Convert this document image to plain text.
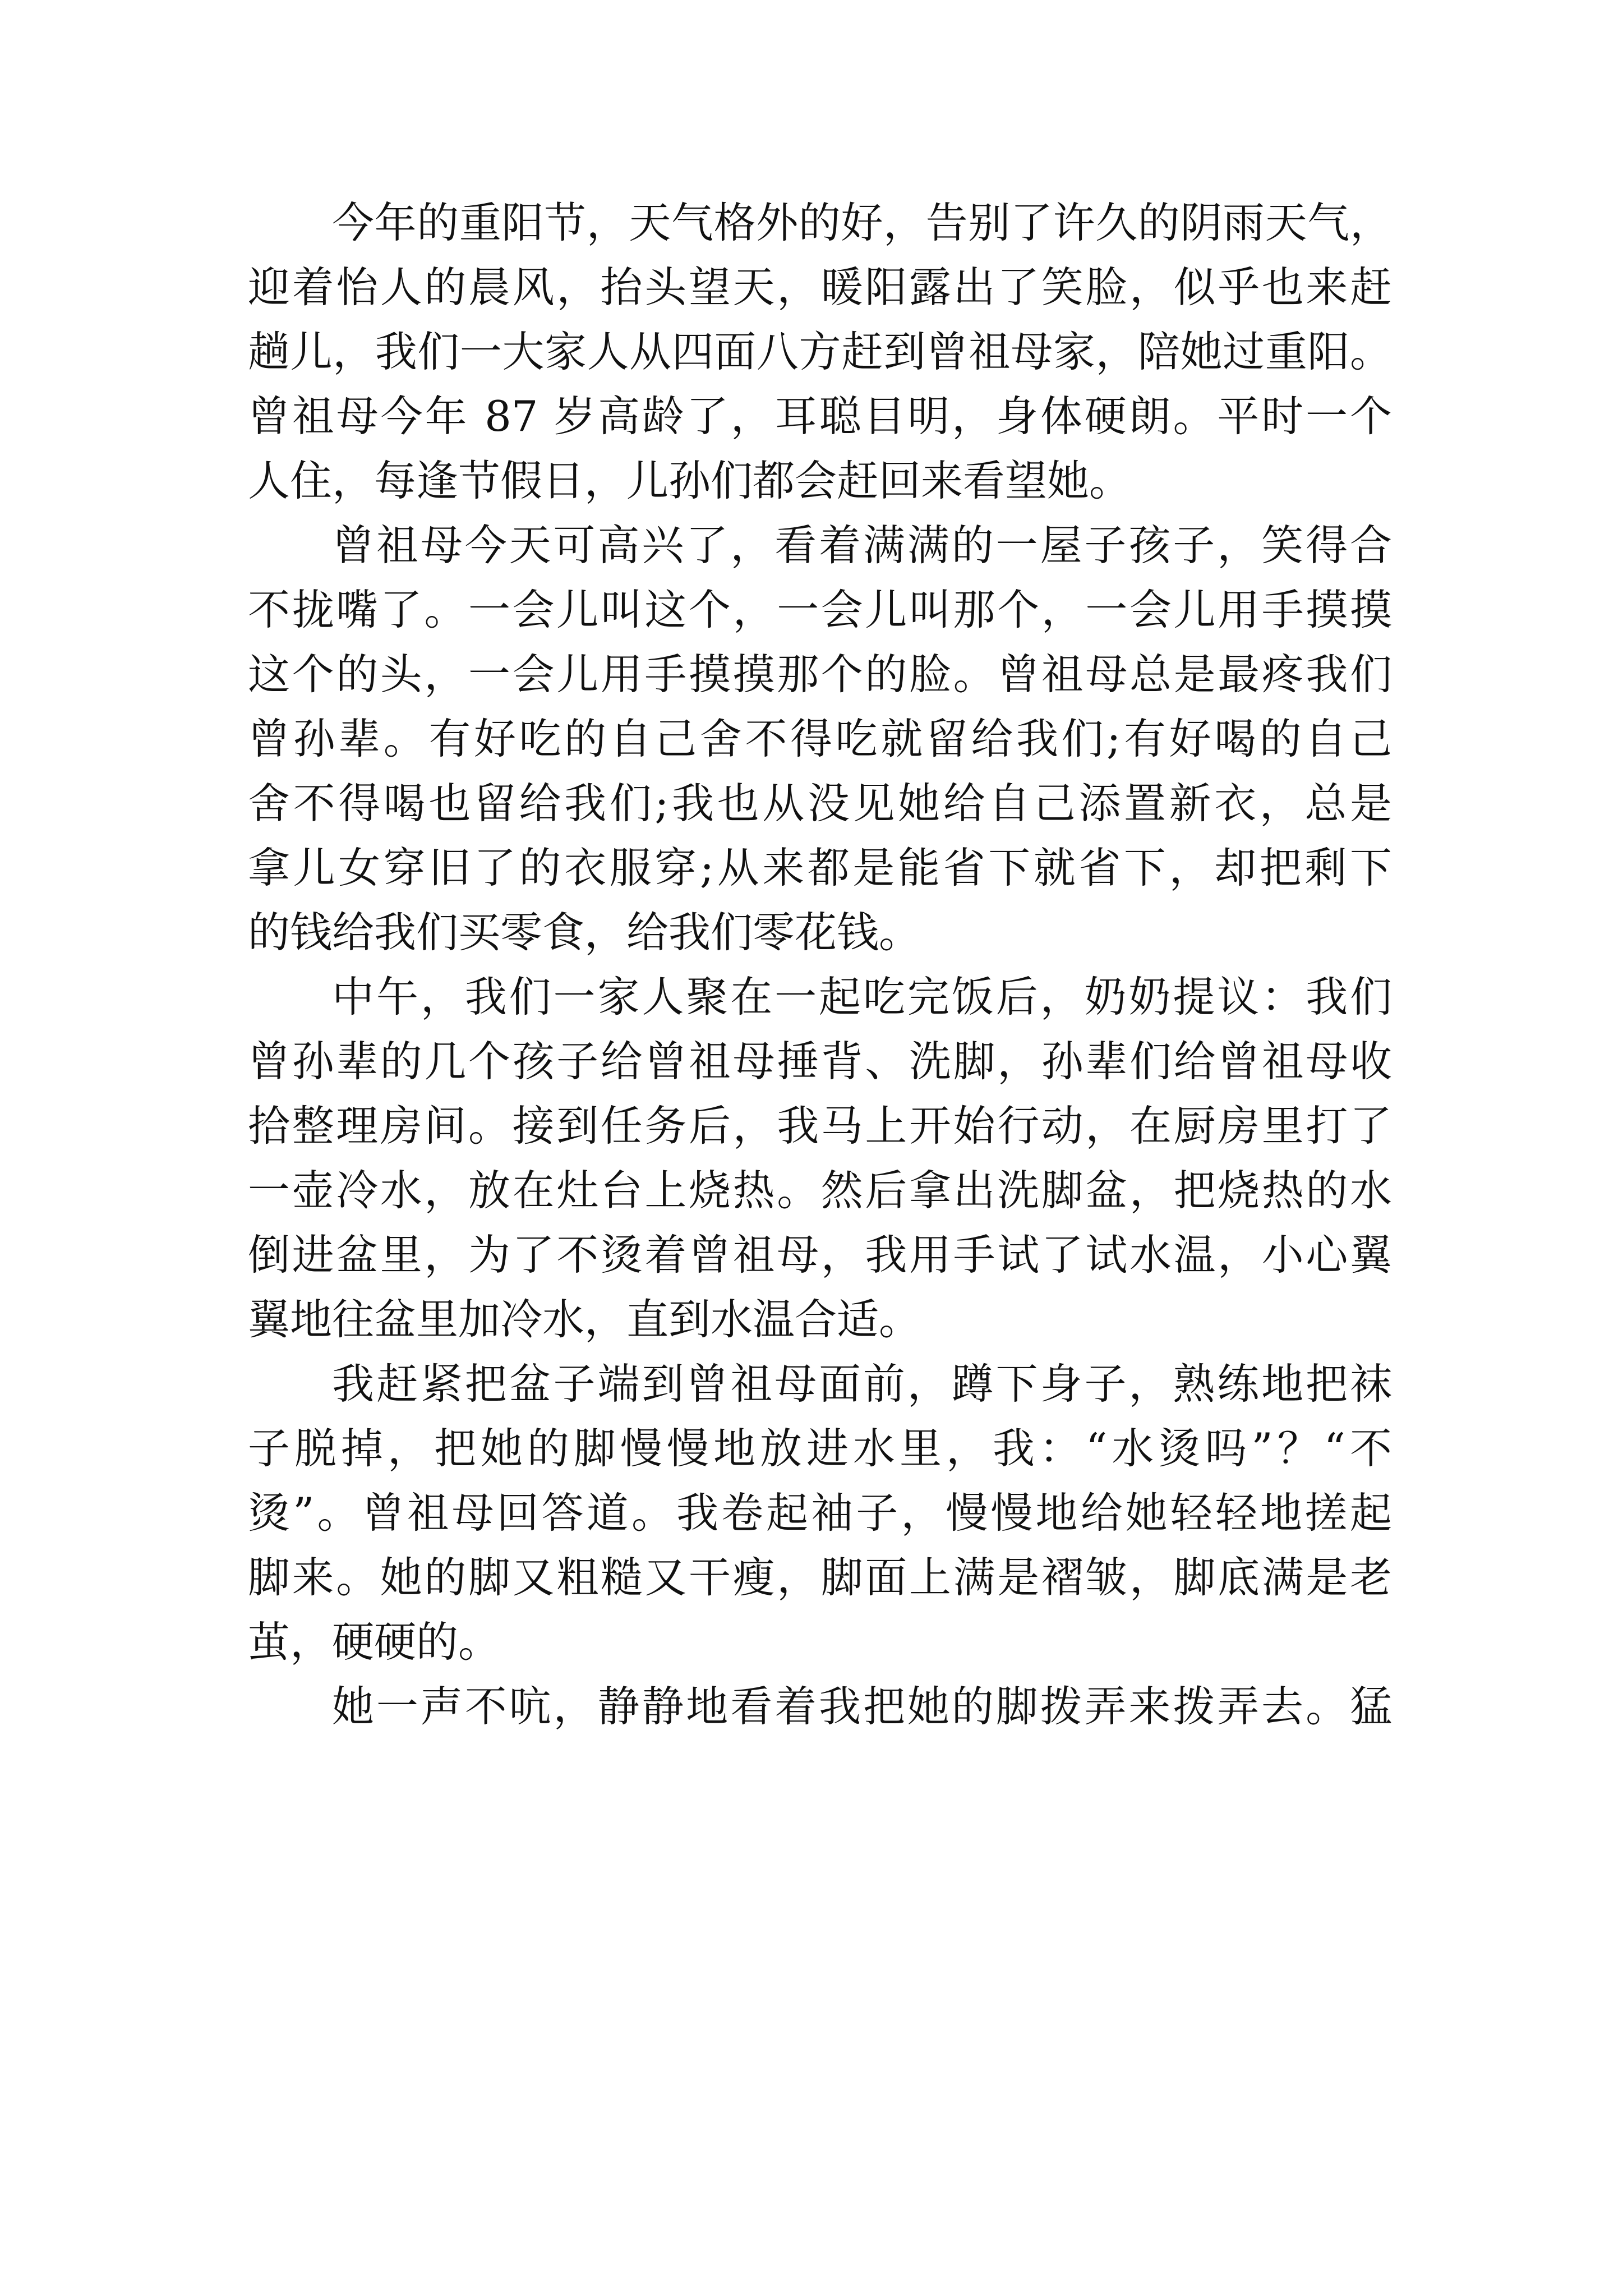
今年的重阳节，天气格外的好，告别了许久的阴雨天气，
迎着怡人的晨风，抬头望天，暖阳露出了笑脸，似乎也来赶
趟儿，我们一大家人从四面八方赶到曾祖母家，陪她过重阳。
曾祖母今年 87 岁高龄了，耳聪目明，身体硬朗。平时一个
人住，每逢节假日，儿孙们都会赶回来看望她。
曾祖母今天可高兴了，看着满满的一屋子孩子，笑得合
不拢嘴了。一会儿叫这个，一会儿叫那个，一会儿用手摸摸
这个的头，一会儿用手摸摸那个的脸。曾祖母总是最疼我们
曾孙辈。有好吃的自己舍不得吃就留给我们;有好喝的自己
舍不得喝也留给我们;我也从没见她给自己添置新衣，总是
拿儿女穿旧了的衣服穿;从来都是能省下就省下，却把剩下
的钱给我们买零食，给我们零花钱。
中午，我们一家人聚在一起吃完饭后，奶奶提议：我们
曾孙辈的几个孩子给曾祖母捶背、洗脚，孙辈们给曾祖母收
拾整理房间。接到任务后，我马上开始行动，在厨房里打了
一壶冷水，放在灶台上烧热。然后拿出洗脚盆，把烧热的水
倒进盆里，为了不烫着曾祖母，我用手试了试水温，小心翼
翼地往盆里加冷水，直到水温合适。
我赶紧把盆子端到曾祖母面前，蹲下身子，熟练地把袜
子脱掉，把她的脚慢慢地放进水里，我：“水烫吗”？“不
烫”。曾祖母回答道。我卷起袖子，慢慢地给她轻轻地搓起
脚来。她的脚又粗糙又干瘦，脚面上满是褶皱，脚底满是老
茧，硬硬的。
她一声不吭，静静地看着我把她的脚拨弄来拨弄去。猛
